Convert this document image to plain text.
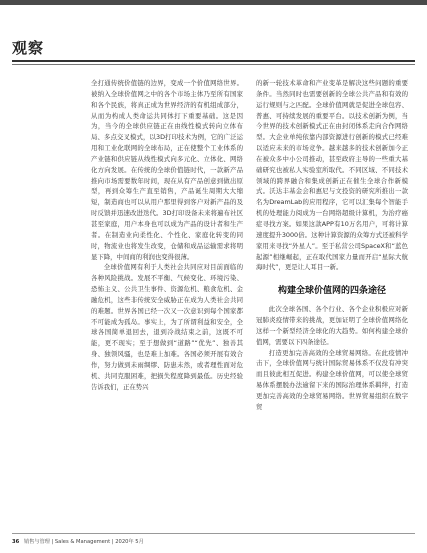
观察

全打通传统价值链的边界，变成一个价值网络世界。被纳入全球价值网之中的各个市场主体乃至所有国家和各个民族，将真正成为世界经济的有机组成部分，从而为构成人类命运共同体打下重要基础。这是因为，当今的全球供应链正在由线性模式转向立体布局、多点交叉模式，以3D打印技术为例，它的广泛运用和工业化联网的全球布局，正在使整个工业体系的产业链和供应链从线性模式向多元化、立体化、网络化方向发展。在传统的全球价值链时代，一款新产品推向市场需要数年时间，现在从有产品创意到做出原型，再到众筹生产直至销售，产品诞生周期大大缩短，制造商也可以从用户那里得到客户对新产品的及时反馈并迅速改进迭代。3D打印设备未来将遍布社区甚至家庭，用户本身也可以成为产品的设计者和生产者。在制造业向柔性化、个性化、家庭化转变的同时，物流业也将发生改变，仓储和成品运输需求将明显下降，中间商的利润也变得很薄。

全球价值网有利于人类社会共同应对目前面临的各种风险挑战。发展不平衡、气候变化、环境污染、恐怖主义、公共卫生事件、资源危机、粮食危机、金融危机，这些非传统安全威胁正在成为人类社会共同的难题。世界各国已经一次又一次意识到每个国家都不可能成为孤岛。事实上，为了所谓利益和安全，全球各国简单退回去，退到冷战结束之前，这既不可能，更不现实；至于想做到“道路”“优先”、独善其身、独领风骚，也是难上加难。各国必须开展有效合作，努力做到未雨绸缪、防患未然，或者理性面对危机、共同克服困难，把损失程度降到最低。历史经验告诉我们，正在势兴

的新一轮技术革命和产业变革是解决这些问题的重要条件。当然同时也需要创新的全球公共产品和有效的运行规则与之匹配。全球价值网就是促进全球包容、普惠、可持续发展的重要平台。以技术创新为例，当今世界的技术创新模式正在由封闭体系走向合作网络型。大企业单纯依靠内部资源进行创新的模式已经难以适应未来的市场竞争。越来越多的技术创新加今正在被众多中小公司推动，甚至政府主导的一些重大基础研究也被私人实验室所取代。不同区域、不同技术领域的跨界融合和集成创新正在催生全球合作新模式。沃达丰基金会和惠尼与文投资的研究所推出一款名为DreamLab的应用程序，它可以汇集每个智能手机的处理能力阅成为一台网络超级计算机，为治疗癌症寻找方案。如果这款APP有10万名用户，可将计算速度提升3000倍。这种计算资源的众筹方式还被科学家用来寻找“外星人”。至于私营公司SpaceX和“蓝色起源”相继崛起，正在取代国家力量而开启“星际大航海时代”，更是让人耳目一新。

构建全球价值网的四条途径

此次全球各国、各个行业、各个企业积极应对新冠肺炎疫情带来的挑战，更加证明了全球价值网络化这样一个新型经济全球化的大趋势。如何构建全球价值网，需要以下四条途径。

打造更加完善高效的全球贸易网络。在此疫情冲击下，全球价值网与统计国际贸易体系不仅没有冲突而且彼此相互促进。构建全球价值网，可以使全球贸易体系摆脱办法逾留下来的国际治理体系羁绊，打造更加完善高效的全球贸易网络。世界贸易组织在数字贸

36 销售与管理 | Sales & Management | 2020年 5月
